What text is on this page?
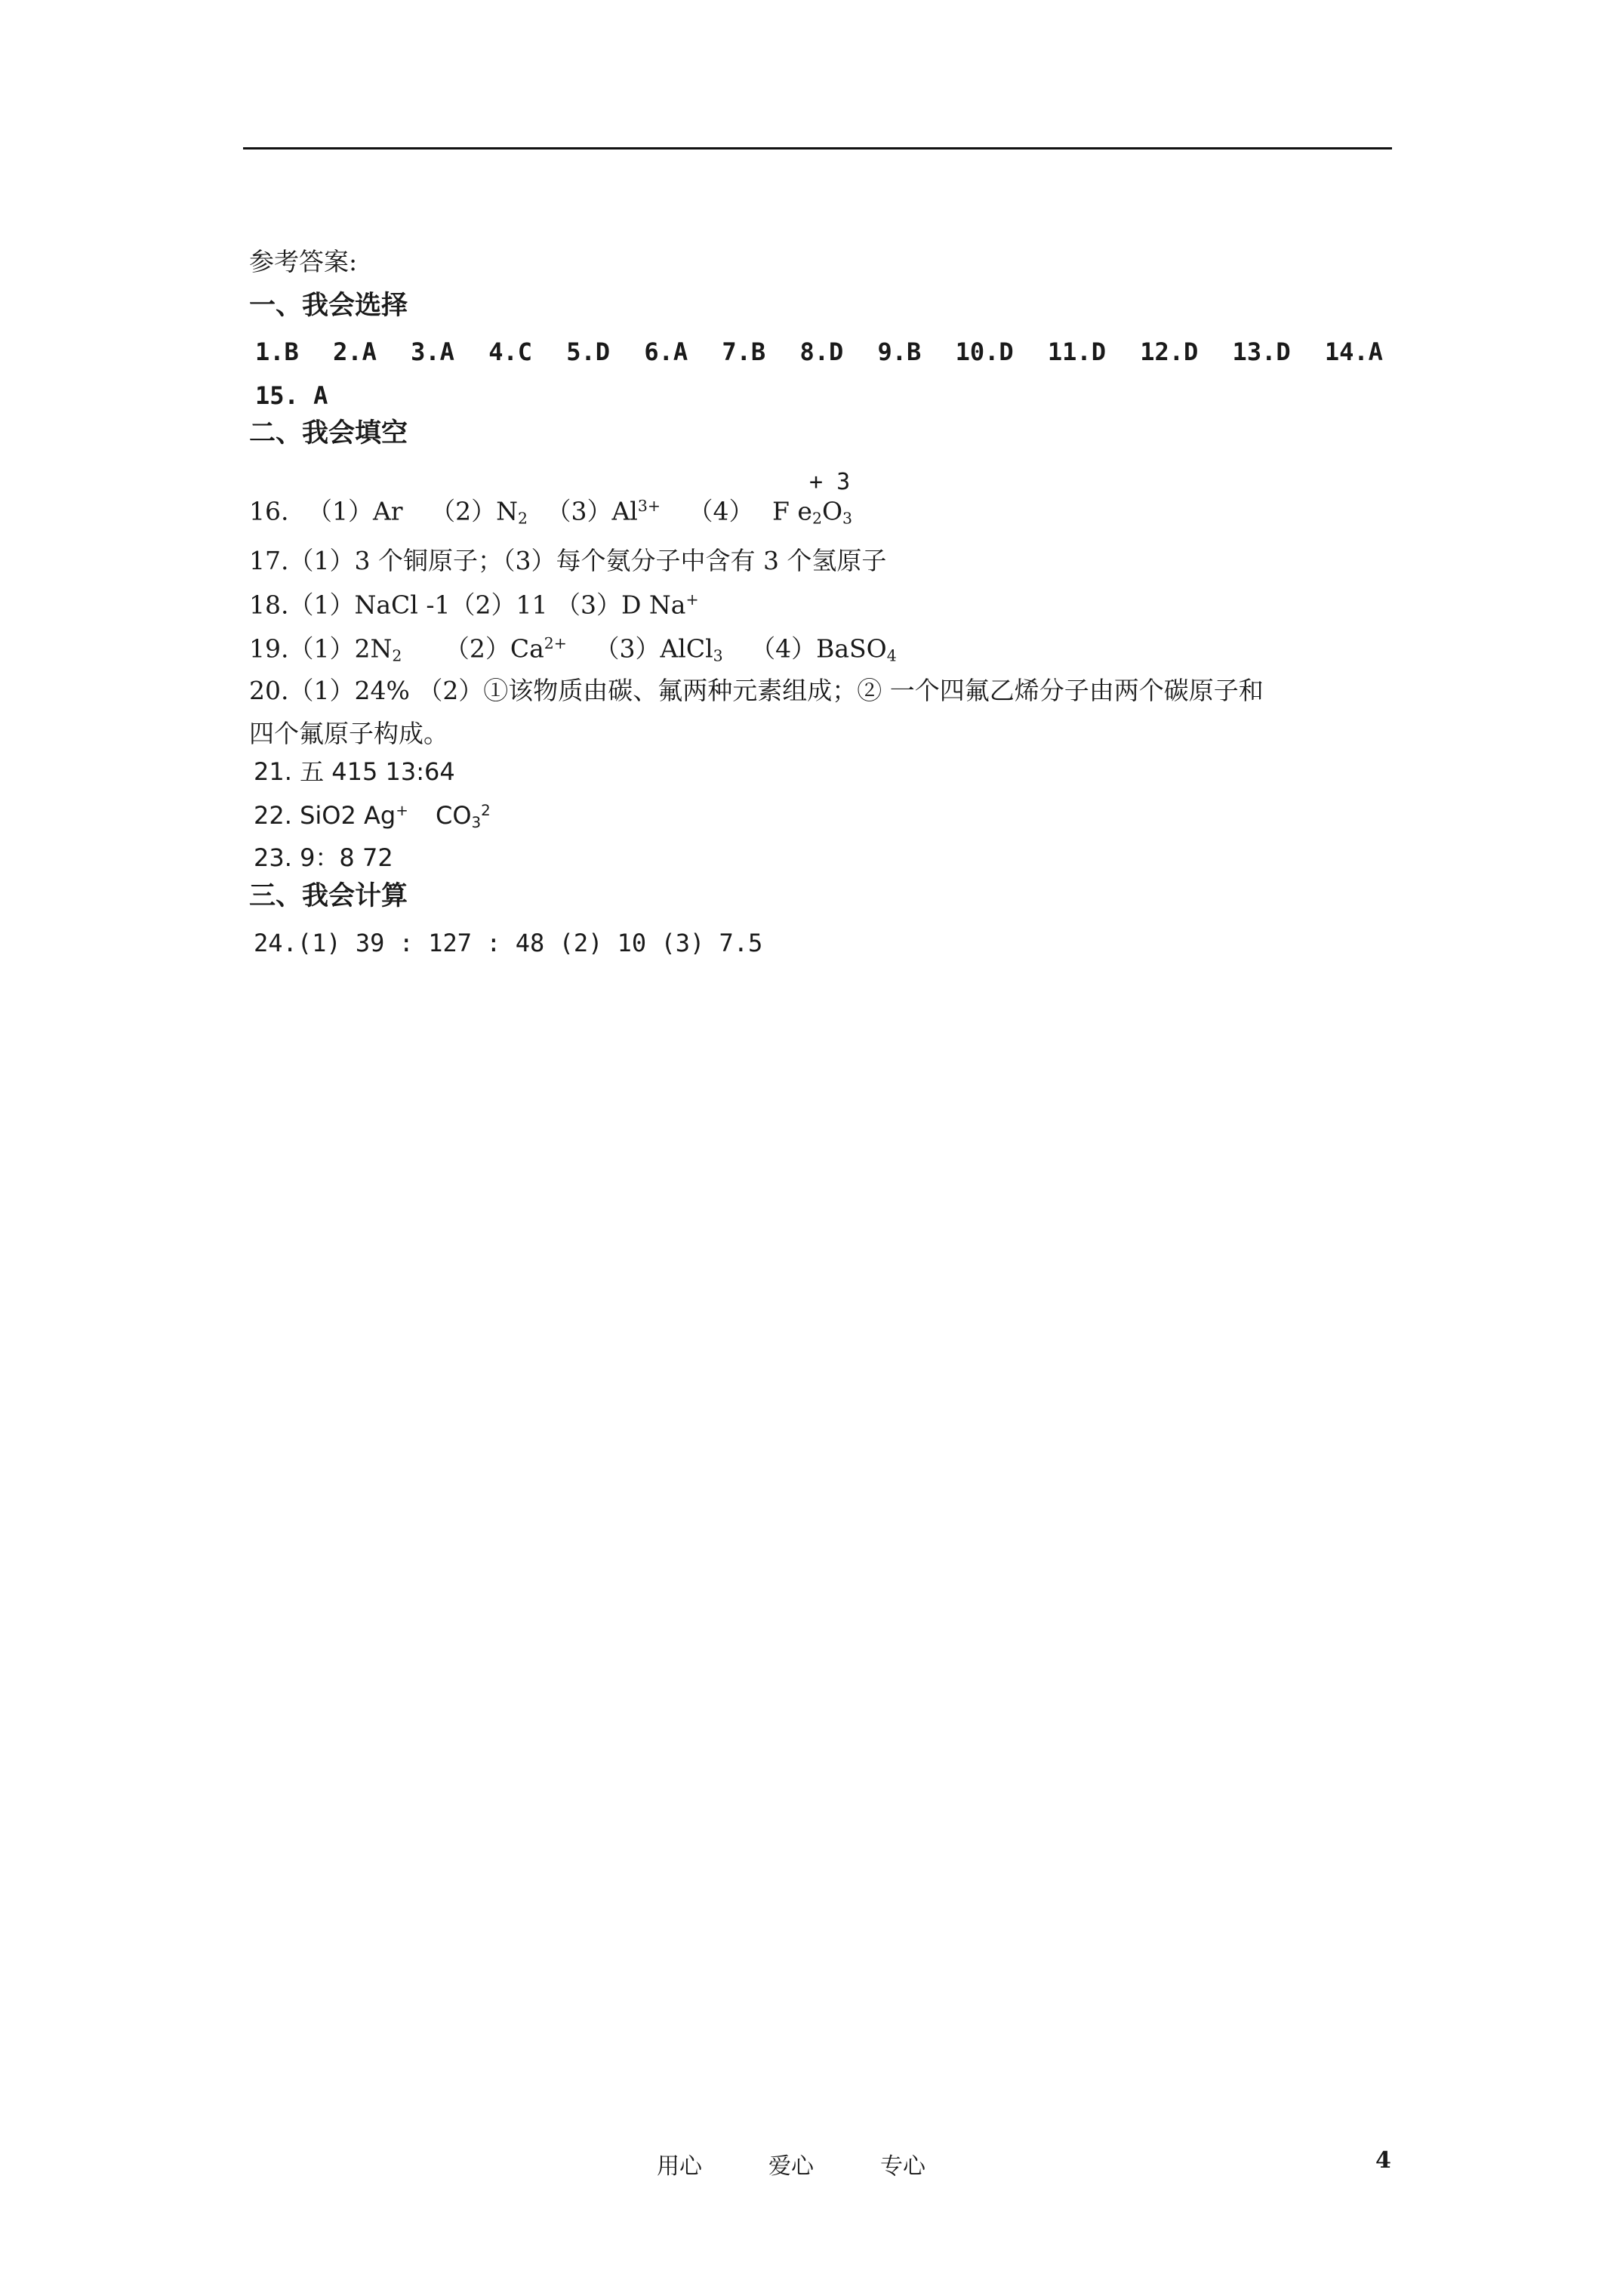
参考答案:
一、我会选择
1.B 2.A 3.A 4.C 5.D 6.A 7.B 8.D 9.B 10.D 11.D 12.D 13.D 14.A
15. A
二、我会填空
+ 3
16. （1）Ar $(2)N_2$ $(3)Al^{3+}$ （4） F $e_2O_3$
17.（1）3 个铜原子；（3）每个氨分子中含有 3 个氢原子
18.（1）NaCl -1（2）11 （3）D Na+
$19.(1)2N_2$ $(2)Ca^{2+}$ （3）AlCl$_3$ （4）BaSO$_4$
20.（1）24% （2）①该物质由碳、氟两种元素组成；② 一个四氟乙烯分子由两个碳原子和
四个氟原子构成。
21. 五 415 13:64
22. SiO2 Ag+ $CO_3^2$
23. 9：8 72
三、我会计算
24.(1) 39 : 127 : 48 (2) 10 (3) 7.5
用心	爱心	专心	4
